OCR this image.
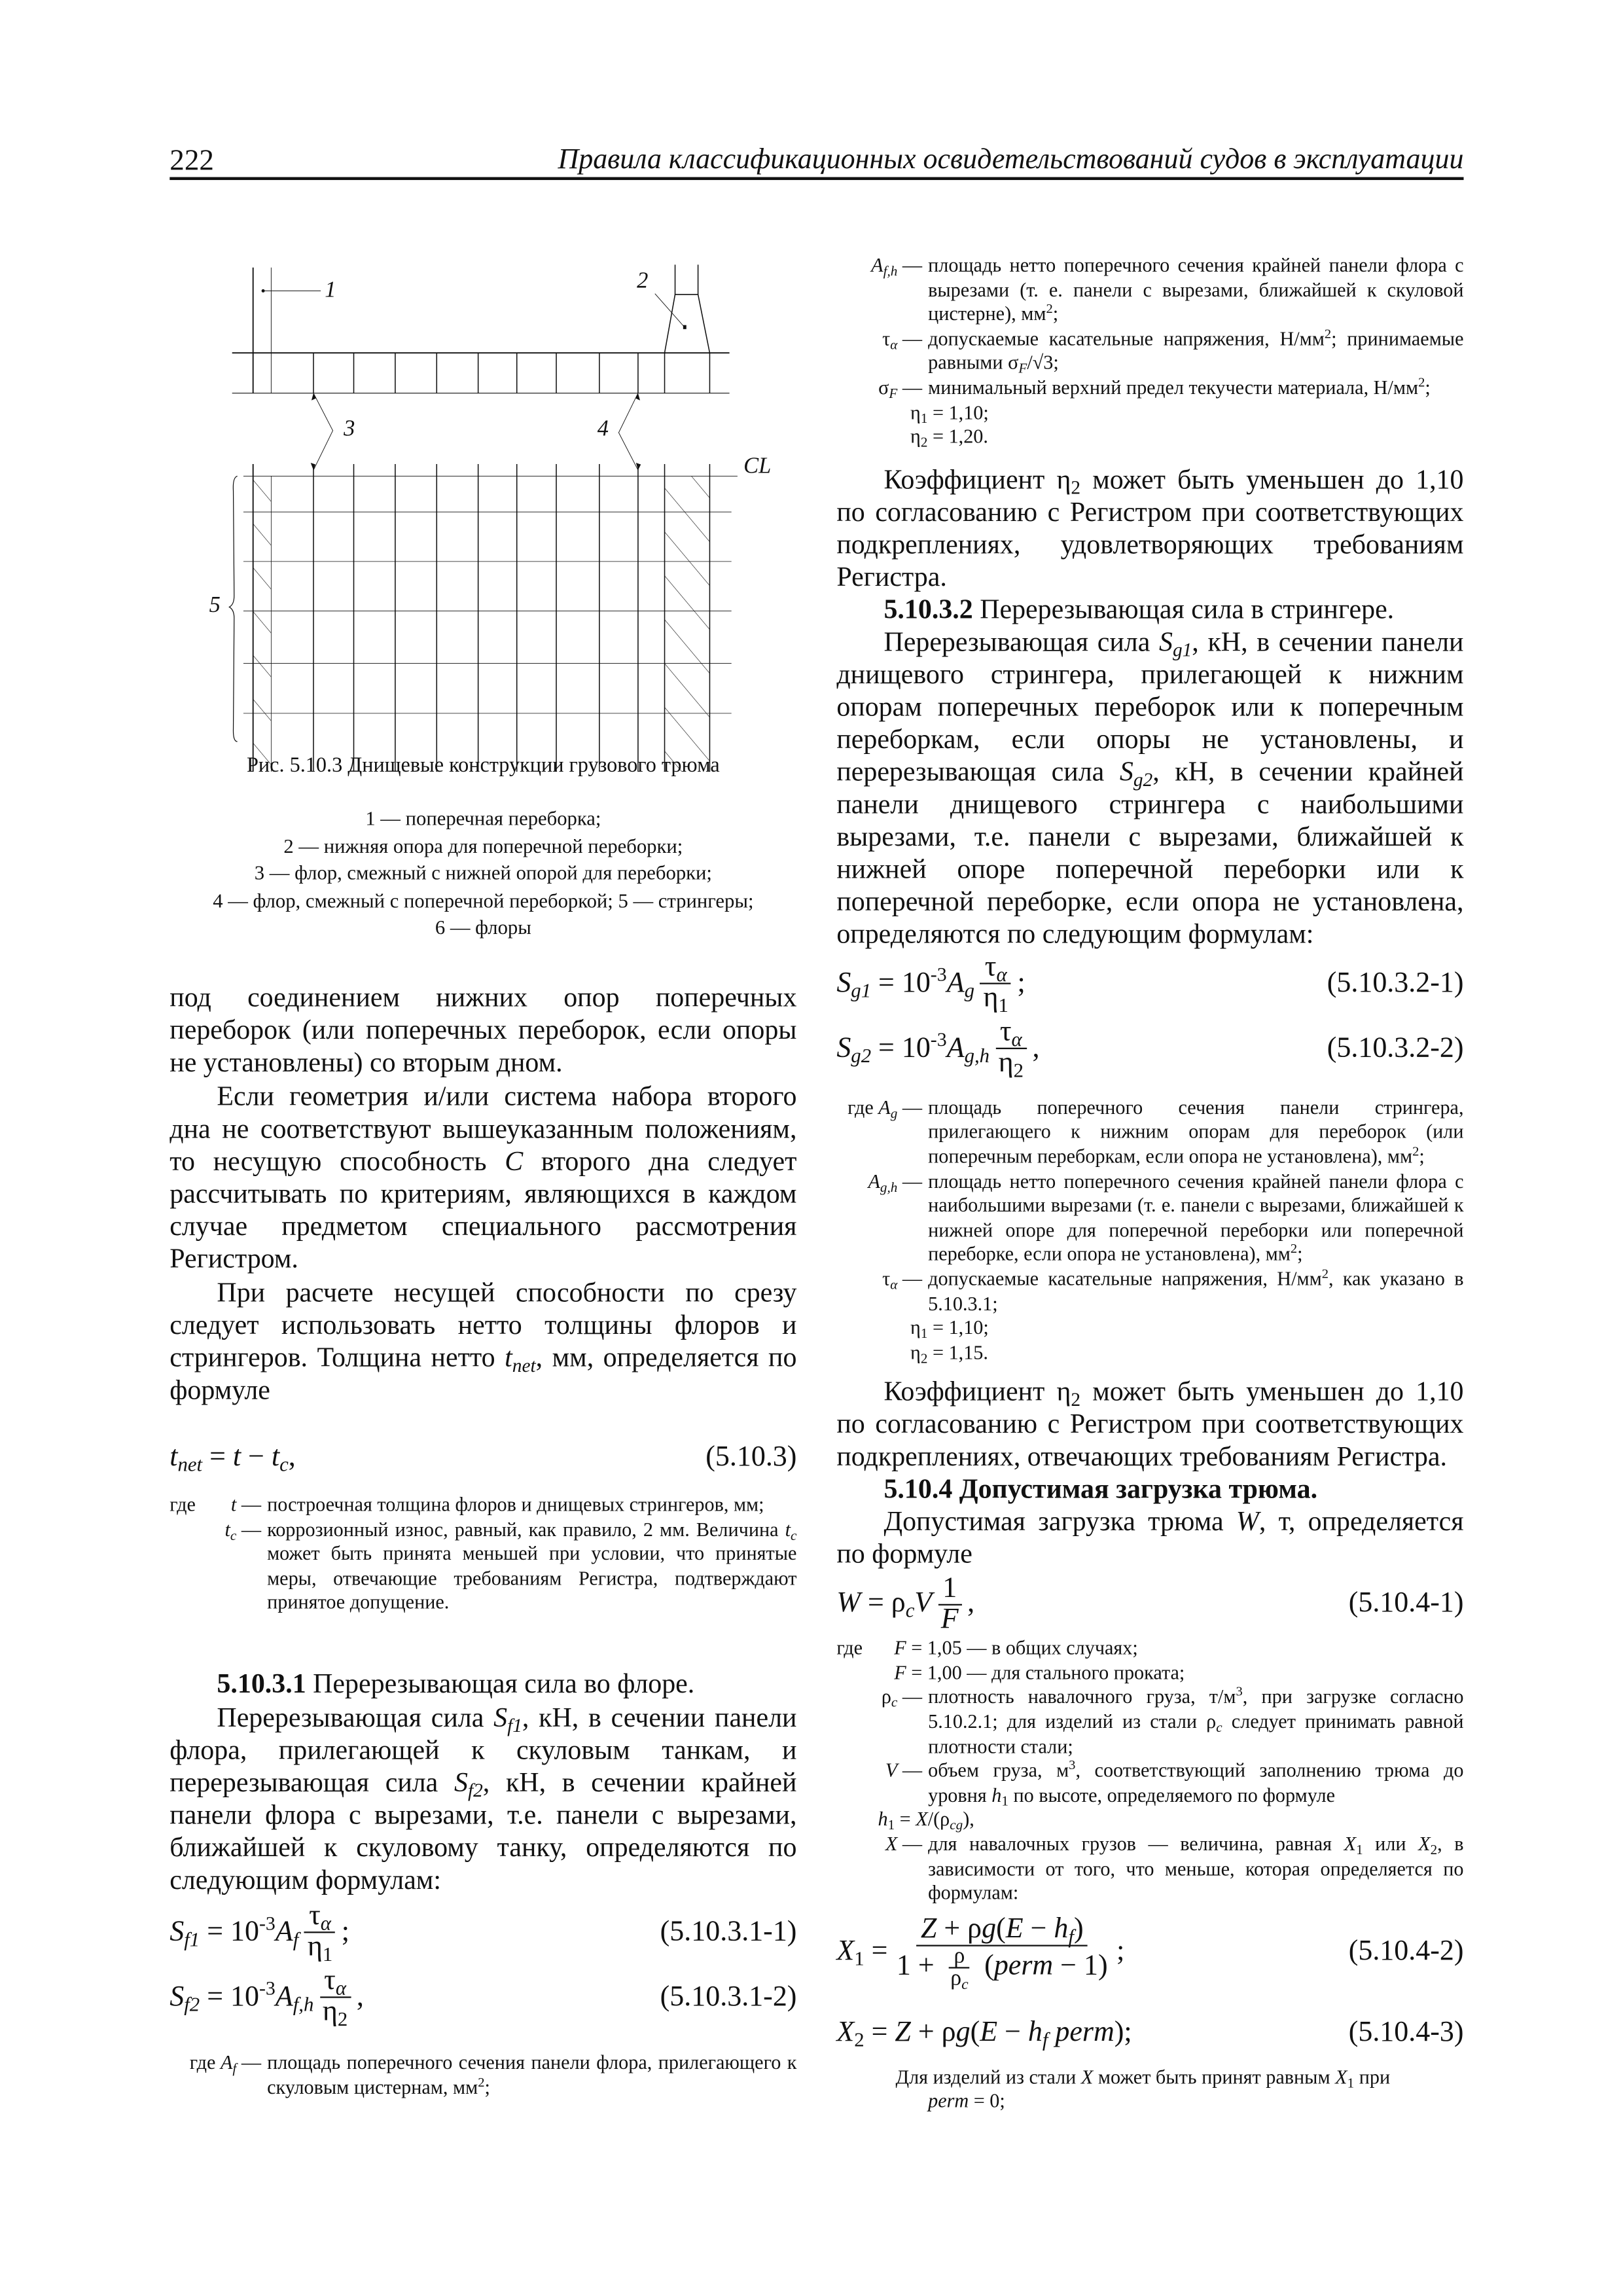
222	Правила классификационных освидетельствований судов в эксплуатации
1	2
3	4
5
CL
Рис. 5.10.3 Днищевые конструкции грузового трюма
1 — поперечная переборка;
2 — нижняя опора для поперечной переборки;
3 — флор, смежный с нижней опорой для переборки;
4 — флор, смежный с поперечной переборкой; 5 — стрингеры;
6 — флоры
под соединением нижних опор поперечных переборок (или поперечных переборок, если опоры не установлены) со вторым дном.
Если геометрия и/или система набора второго дна не соответствуют вышеуказанным положениям, то несущую способность C второго дна следует рассчитывать по критериям, являющихся в каждом случае предметом специального рассмотрения Регистром.
При расчете несущей способности по срезу следует использовать нетто толщины флоров и стрингеров. Толщина нетто tnet, мм, определяется по формуле
tnet = t − tc,	(5.10.3)
где	t — построечная толщина флоров и днищевых стрингеров, мм;
tc — коррозионный износ, равный, как правило, 2 мм. Величина tc может быть принята меньшей при условии, что принятые меры, отвечающие требованиям Регистра, подтверждают принятое допущение.
5.10.3.1 Перерезывающая сила во флоре.
Перерезывающая сила Sf1, кН, в сечении панели флора, прилегающей к скуловым танкам, и перерезывающая сила Sf2, кН, в сечении крайней панели флора с вырезами, т.е. панели с вырезами, ближайшей к скуловому танку, определяются по следующим формулам:
$Sf1 = 10^{-3}Af \frac{\tau\alpha}{\eta_1}$ ;	(5.10.3.1-1)
$Sf2 = 10^{-3}Af,h \frac{\tau\alpha}{\eta_2}$ ,	(5.10.3.1-2)
где Af — площадь поперечного сечения панели флора, прилегающего к скуловым цистернам, $мм^2$;
Af,h — площадь нетто поперечного сечения крайней панели флора с вырезами (т. е. панели с вырезами, ближайшей к скуловой цистерне), $мм^2$;
τα — допускаемые касательные напряжения, $Н/мм^2$; принимаемые равными σF/√3;
σF — минимальный верхний предел текучести материала, $Н/мм^2$;
$\eta_1 = 1,10$;
$\eta_2 = 1,20$.
Коэффициент $\eta_2$ может быть уменьшен до 1,10 по согласованию с Регистром при соответствующих подкреплениях, удовлетворяющих требованиям Регистра.
5.10.3.2 Перерезывающая сила в стрингере.
Перерезывающая сила Sg1, кН, в сечении панели днищевого стрингера, прилегающей к нижним опорам поперечных переборок или к поперечным переборкам, если опоры не установлены, и перерезывающая сила Sg2, кН, в сечении крайней панели днищевого стрингера с наибольшими вырезами, т.е. панели с вырезами, ближайшей к нижней опоре поперечной переборки или к поперечной переборке, если опора не установлена, определяются по следующим формулам:
$Sg1 = 10^{-3}Ag \frac{\tau\alpha}{\eta_1}$ ;	(5.10.3.2-1)
$Sg2 = 10^{-3}Ag,h \frac{\tau\alpha}{\eta_2}$ ,	(5.10.3.2-2)
где Ag — площадь поперечного сечения панели стрингера, прилегающего к нижним опорам для переборок (или поперечным переборкам, если опора не установлена), $мм^2$;
Ag,h — площадь нетто поперечного сечения крайней панели флора с наибольшими вырезами (т. е. панели с вырезами, ближайшей к нижней опоре для поперечной переборки или поперечной переборке, если опора не установлена), $мм^2$;
τα — допускаемые касательные напряжения, $Н/мм^2$, как указано в 5.10.3.1;
$\eta_1 = 1,10$;
$\eta_2 = 1,15$.
Коэффициент $\eta_2$ может быть уменьшен до 1,10 по согласованию с Регистром при соответствующих подкреплениях, отвечающих требованиям Регистра.
5.10.4 Допустимая загрузка трюма.
Допустимая загрузка трюма W, т, определяется по формуле
W = ρcV $\frac{1}{F}$ ,	(5.10.4-1)
где	F = 1,05 — в общих случаях;
F = 1,00 — для стального проката;
ρc — плотность навалочного груза, $т/м^3$, при загрузке согласно 5.10.2.1; для изделий из стали ρc следует принимать равной плотности стали;
V — объем груза, $м^3$, соответствующий заполнению трюма до уровня $h_1$ по высоте, определяемого по формуле
$h_1 = X/(\rho cg)$,
X — для навалочных грузов — величина, равная $X_1$ или $X_2$, в зависимости от того, что меньше, которая определяется по формулам:
$X_1 = \frac{Z + \rho g(E - hf)}{1 + \frac{\rho}{\rho c} (perm - 1)}$ ;	(5.10.4-2)
$X_2 = Z + \rho g(E$ − hf perm);	(5.10.4-3)
Для изделий из стали X может быть принят равным $X_1$ при
perm = 0;
